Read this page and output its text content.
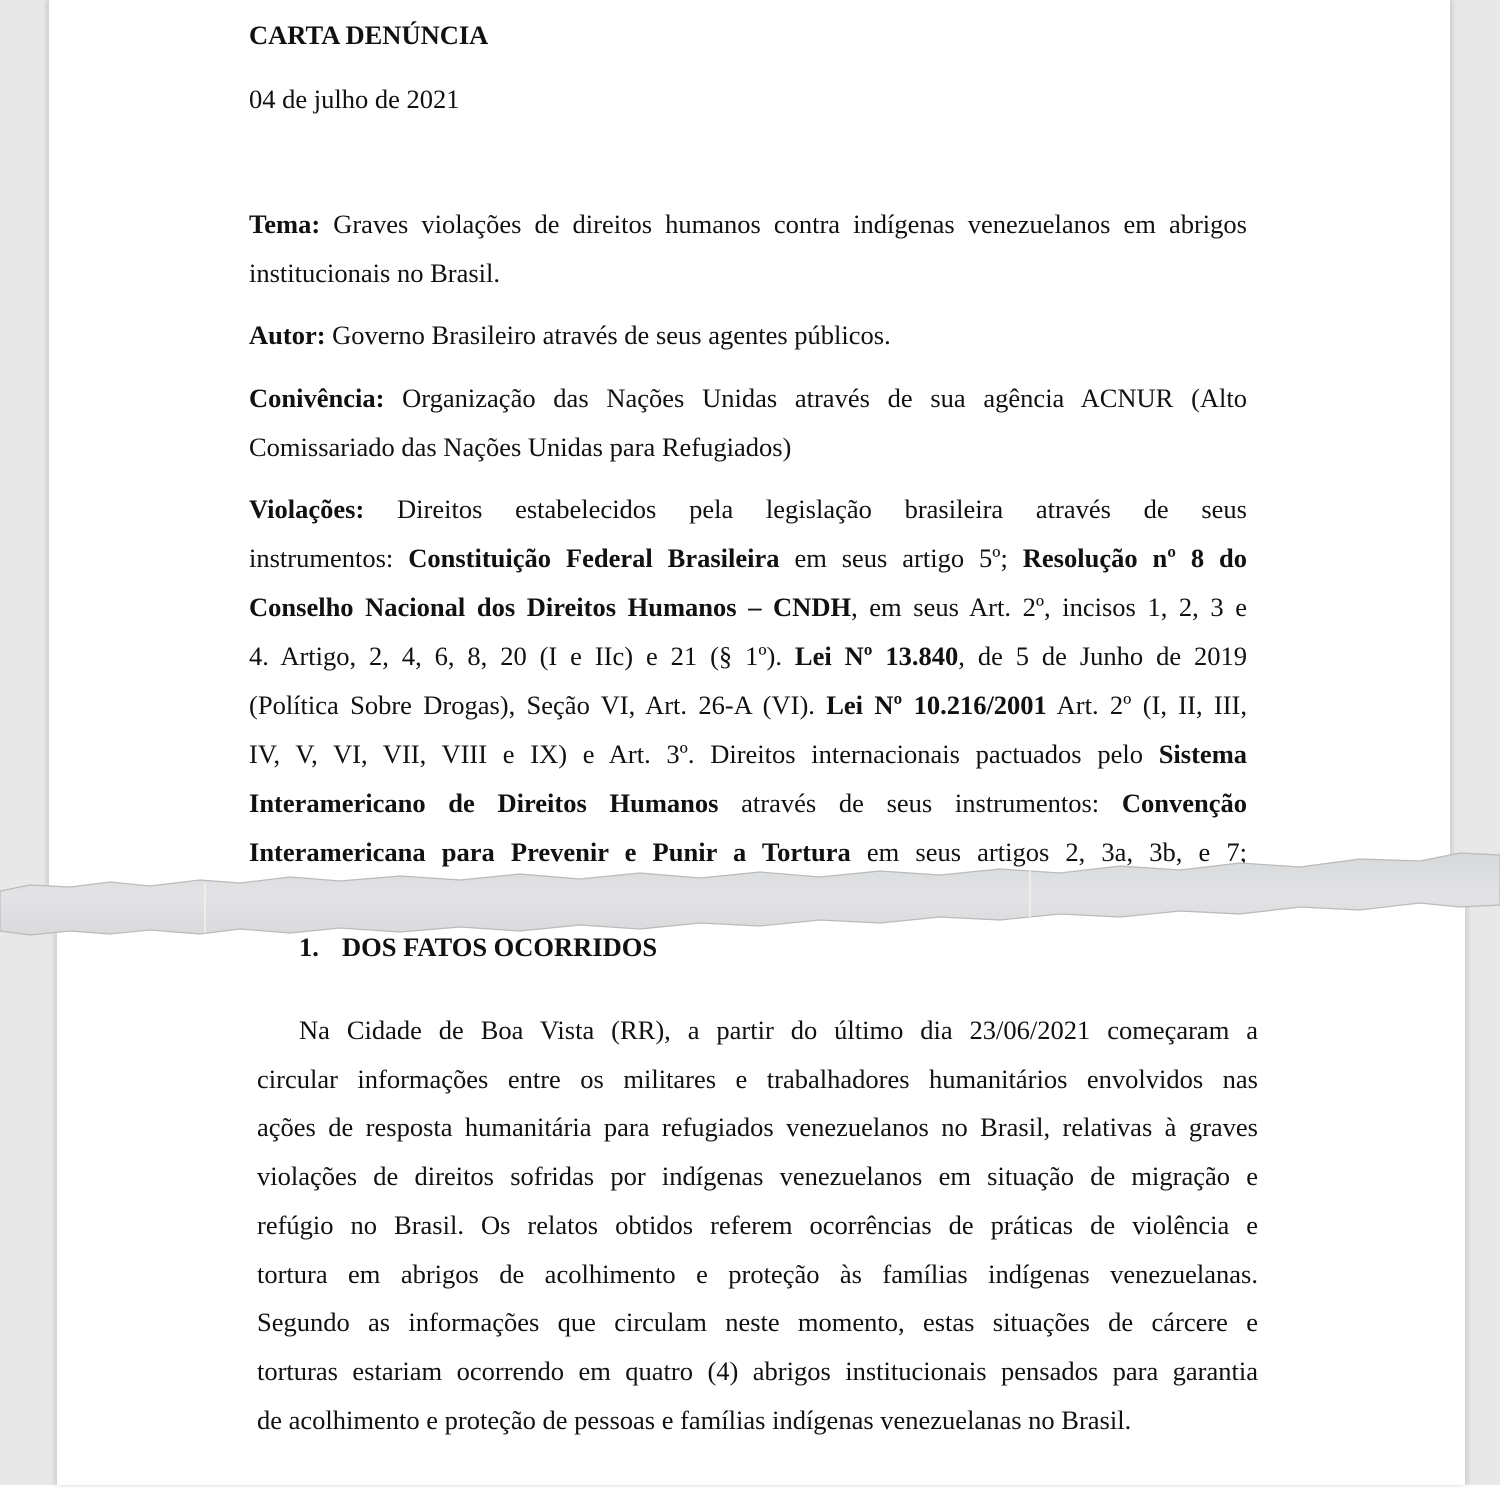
CARTA DENÚNCIA
04 de julho de 2021
Tema: Graves violações de direitos humanos contra indígenas venezuelanos em abrigos
institucionais no Brasil.
Autor: Governo Brasileiro através de seus agentes públicos.
Conivência: Organização das Nações Unidas através de sua agência ACNUR (Alto
Comissariado das Nações Unidas para Refugiados)
Violações: Direitos estabelecidos pela legislação brasileira através de seus
instrumentos: Constituição Federal Brasileira em seus artigo 5º; Resolução nº 8 do
Conselho Nacional dos Direitos Humanos – CNDH, em seus Art. 2º, incisos 1, 2, 3 e
4. Artigo, 2, 4, 6, 8, 20 (I e IIc) e 21 (§ 1º). Lei Nº 13.840, de 5 de Junho de 2019
(Política Sobre Drogas), Seção VI, Art. 26-A (VI). Lei Nº 10.216/2001 Art. 2º (I, II, III,
IV, V, VI, VII, VIII e IX) e Art. 3º. Direitos internacionais pactuados pelo Sistema
Interamericano de Direitos Humanos através de seus instrumentos: Convenção
Interamericana para Prevenir e Punir a Tortura em seus artigos 2, 3a, 3b, e 7;
1. DOS FATOS OCORRIDOS
Na Cidade de Boa Vista (RR), a partir do último dia 23/06/2021 começaram a
circular informações entre os militares e trabalhadores humanitários envolvidos nas
ações de resposta humanitária para refugiados venezuelanos no Brasil, relativas à graves
violações de direitos sofridas por indígenas venezuelanos em situação de migração e
refúgio no Brasil. Os relatos obtidos referem ocorrências de práticas de violência e
tortura em abrigos de acolhimento e proteção às famílias indígenas venezuelanas.
Segundo as informações que circulam neste momento, estas situações de cárcere e
torturas estariam ocorrendo em quatro (4) abrigos institucionais pensados para garantia
de acolhimento e proteção de pessoas e famílias indígenas venezuelanas no Brasil.
